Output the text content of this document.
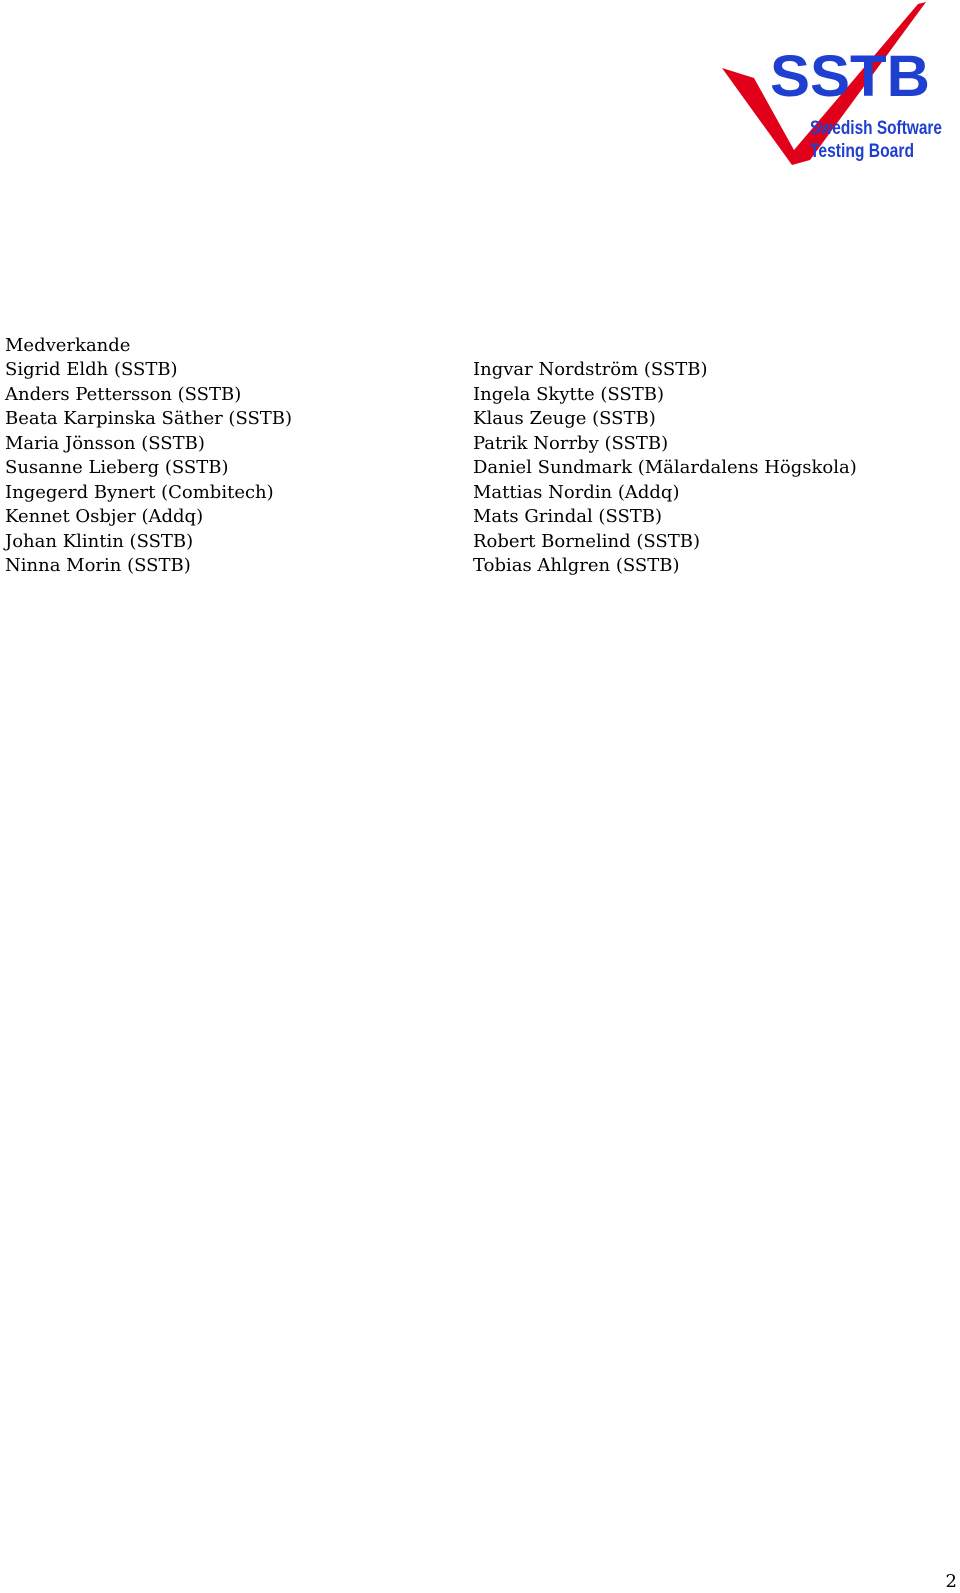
SSTB
Swedish Software
Testing Board
Medverkande
Sigrid Eldh (SSTB)
Anders Pettersson (SSTB)
Beata Karpinska Säther (SSTB)
Maria Jönsson (SSTB)
Susanne Lieberg (SSTB)
Ingegerd Bynert (Combitech)
Kennet Osbjer (Addq)
Johan Klintin (SSTB)
Ninna Morin (SSTB)
Ingvar Nordström (SSTB)
Ingela Skytte (SSTB)
Klaus Zeuge (SSTB)
Patrik Norrby (SSTB)
Daniel Sundmark (Mälardalens Högskola)
Mattias Nordin (Addq)
Mats Grindal (SSTB)
Robert Bornelind (SSTB)
Tobias Ahlgren (SSTB)
2
